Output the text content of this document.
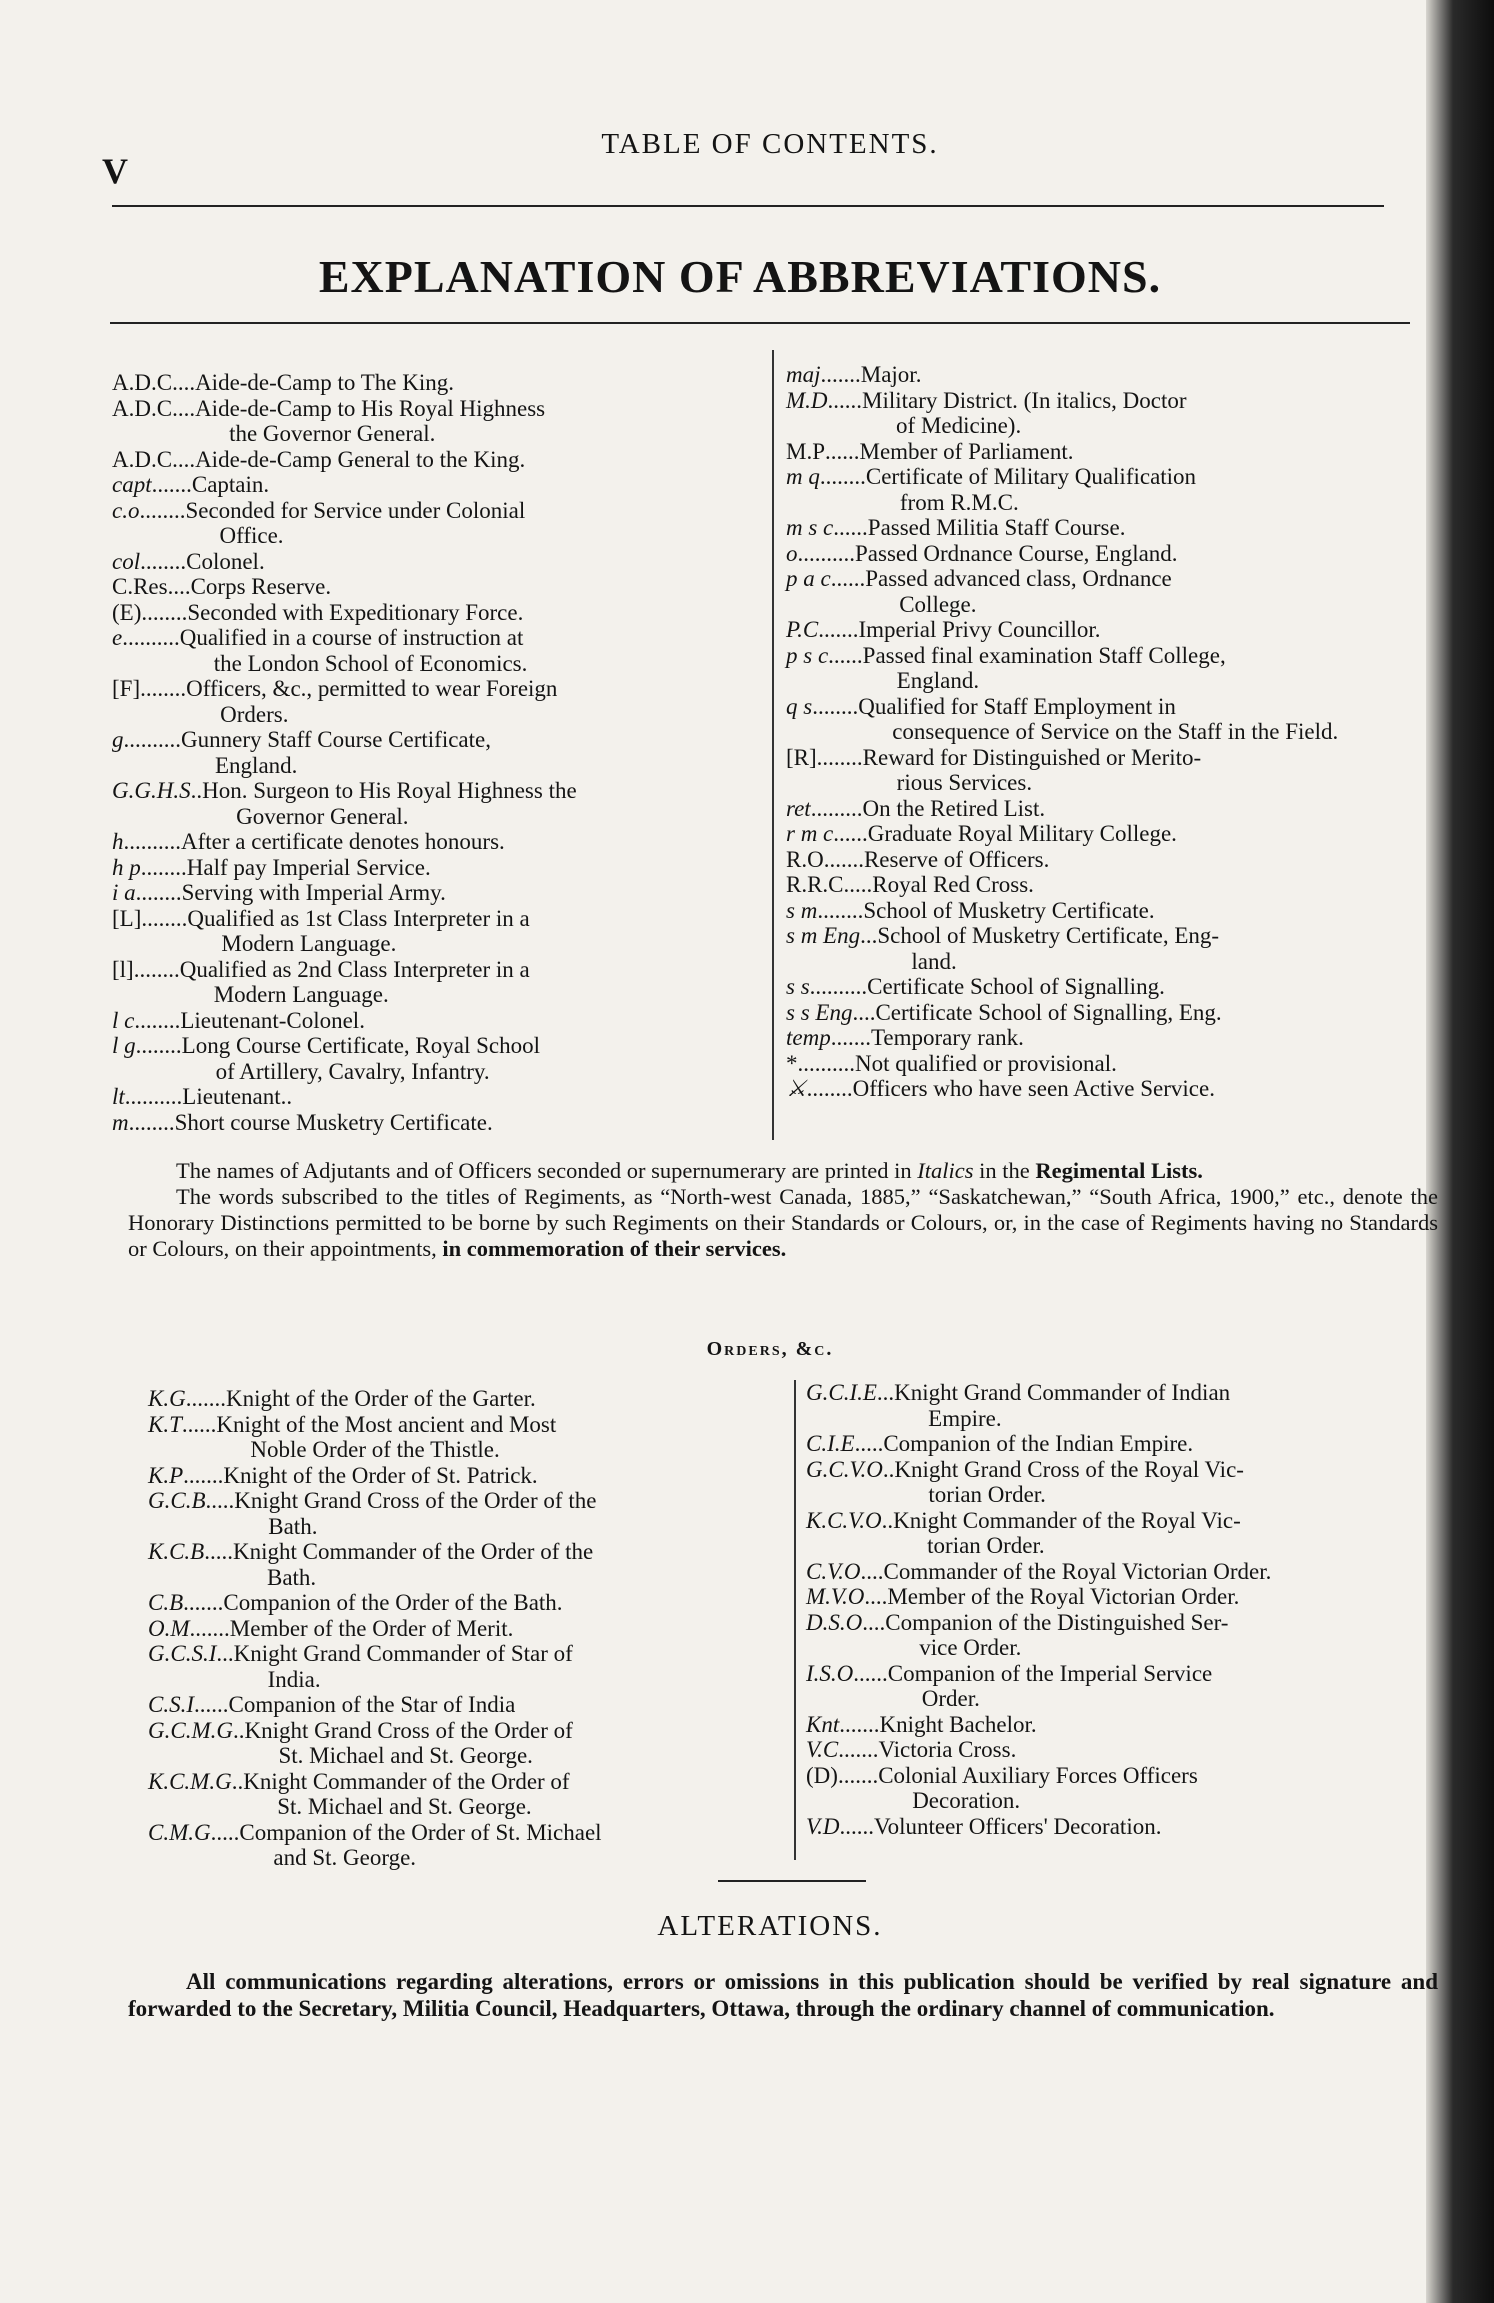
V
TABLE OF CONTENTS.
EXPLANATION OF ABBREVIATIONS.
A.D.C .... Aide-de-Camp to The King.
A.D.C .... Aide-de-Camp to His Royal Highness
the Governor General.
A.D.C .... Aide-de-Camp General to the King.
capt ....... Captain.
c.o ........ Seconded for Service under Colonial
Office.
col ........ Colonel.
C.Res .... Corps Reserve.
(E) ........ Seconded with Expeditionary Force.
e .......... Qualified in a course of instruction at
the London School of Economics.
[F] ........ Officers, &c., permitted to wear Foreign
Orders.
g .......... Gunnery Staff Course Certificate,
England.
G.G.H.S .. Hon. Surgeon to His Royal Highness the
Governor General.
h .......... After a certificate denotes honours.
h p ........ Half pay Imperial Service.
i a ........ Serving with Imperial Army.
[L] ........ Qualified as 1st Class Interpreter in a
Modern Language.
[l] ........ Qualified as 2nd Class Interpreter in a
Modern Language.
l c ........ Lieutenant-Colonel.
l g ........ Long Course Certificate, Royal School
of Artillery, Cavalry, Infantry.
lt .......... Lieutenant..
m ........ Short course Musketry Certificate.
maj ....... Major.
M.D ...... Military District. (In italics, Doctor
of Medicine).
M.P ...... Member of Parliament.
m q ........ Certificate of Military Qualification
from R.M.C.
m s c ...... Passed Militia Staff Course.
o .......... Passed Ordnance Course, England.
p a c ...... Passed advanced class, Ordnance
College.
P.C ....... Imperial Privy Councillor.
p s c ...... Passed final examination Staff College,
England.
q s ........ Qualified for Staff Employment in
consequence of Service on the Staff in the Field.
[R] ........ Reward for Distinguished or Merito-
rious Services.
ret ......... On the Retired List.
r m c ...... Graduate Royal Military College.
R.O ....... Reserve of Officers.
R.R.C ..... Royal Red Cross.
s m ........ School of Musketry Certificate.
s m Eng ... School of Musketry Certificate, Eng-
land.
s s .......... Certificate School of Signalling.
s s Eng .... Certificate School of Signalling, Eng.
temp ....... Temporary rank.
* .......... Not qualified or provisional.
⚔ ........ Officers who have seen Active Service.

The names of Adjutants and of Officers seconded or supernumerary are printed in Italics in the Regimental Lists.

The words subscribed to the titles of Regiments, as “North-west Canada, 1885,” “Saskatchewan,” “South Africa, 1900,” etc., denote the Honorary Distinctions permitted to be borne by such Regiments on their Standards or Colours, or, in the case of Regiments having no Standards or Colours, on their appointments, in commemoration of their services.

Orders, &c.
K.G ....... Knight of the Order of the Garter.
K.T ...... Knight of the Most ancient and Most
Noble Order of the Thistle.
K.P ....... Knight of the Order of St. Patrick.
G.C.B ..... Knight Grand Cross of the Order of the
Bath.
K.C.B ..... Knight Commander of the Order of the
Bath.
C.B ....... Companion of the Order of the Bath.
O.M ....... Member of the Order of Merit.
G.C.S.I ... Knight Grand Commander of Star of
India.
C.S.I ...... Companion of the Star of India
G.C.M.G .. Knight Grand Cross of the Order of
St. Michael and St. George.
K.C.M.G .. Knight Commander of the Order of
St. Michael and St. George.
C.M.G ..... Companion of the Order of St. Michael
and St. George.
G.C.I.E ... Knight Grand Commander of Indian
Empire.
C.I.E ..... Companion of the Indian Empire.
G.C.V.O .. Knight Grand Cross of the Royal Vic-
torian Order.
K.C.V.O .. Knight Commander of the Royal Vic-
torian Order.
C.V.O .... Commander of the Royal Victorian Order.
M.V.O .... Member of the Royal Victorian Order.
D.S.O .... Companion of the Distinguished Ser-
vice Order.
I.S.O ...... Companion of the Imperial Service
Order.
Knt ....... Knight Bachelor.
V.C ....... Victoria Cross.
(D) ....... Colonial Auxiliary Forces Officers
Decoration.
V.D ...... Volunteer Officers' Decoration.
ALTERATIONS.
All communications regarding alterations, errors or omissions in this publication should be verified by real signature and forwarded to the Secretary, Militia Council, Headquarters, Ottawa, through the ordinary channel of communication.
